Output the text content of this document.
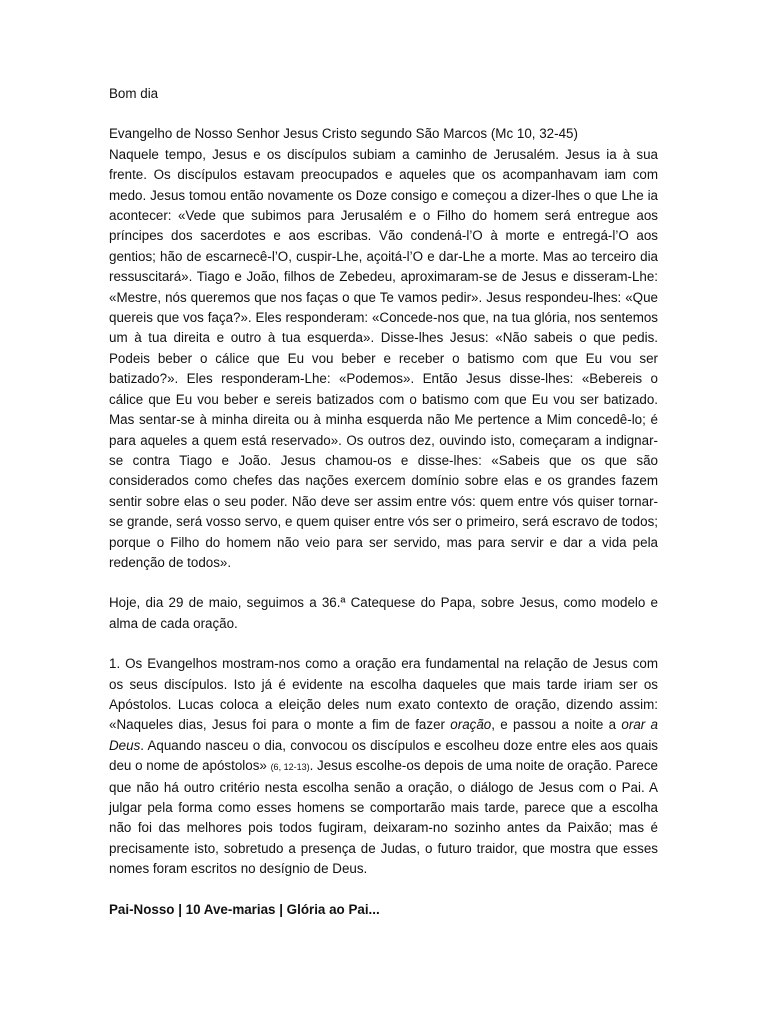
Bom dia

Evangelho de Nosso Senhor Jesus Cristo segundo São Marcos (Mc 10, 32-45)

Naquele tempo, Jesus e os discípulos subiam a caminho de Jerusalém. Jesus ia à sua frente. Os discípulos estavam preocupados e aqueles que os acompanhavam iam com medo. Jesus tomou então novamente os Doze consigo e começou a dizer-lhes o que Lhe ia acontecer: «Vede que subimos para Jerusalém e o Filho do homem será entregue aos príncipes dos sacerdotes e aos escribas. Vão condená-l’O à morte e entregá-l’O aos gentios; hão de escarnecê-l’O, cuspir-Lhe, açoitá-l’O e dar-Lhe a morte. Mas ao terceiro dia ressuscitará». Tiago e João, filhos de Zebedeu, aproximaram-se de Jesus e disseram-Lhe: «Mestre, nós queremos que nos faças o que Te vamos pedir». Jesus respondeu-lhes: «Que quereis que vos faça?». Eles responderam: «Concede-nos que, na tua glória, nos sentemos um à tua direita e outro à tua esquerda». Disse-lhes Jesus: «Não sabeis o que pedis. Podeis beber o cálice que Eu vou beber e receber o batismo com que Eu vou ser batizado?». Eles responderam-Lhe: «Podemos». Então Jesus disse-lhes: «Bebereis o cálice que Eu vou beber e sereis batizados com o batismo com que Eu vou ser batizado. Mas sentar-se à minha direita ou à minha esquerda não Me pertence a Mim concedê-lo; é para aqueles a quem está reservado». Os outros dez, ouvindo isto, começaram a indignar-se contra Tiago e João. Jesus chamou-os e disse-lhes: «Sabeis que os que são considerados como chefes das nações exercem domínio sobre elas e os grandes fazem sentir sobre elas o seu poder. Não deve ser assim entre vós: quem entre vós quiser tornar-se grande, será vosso servo, e quem quiser entre vós ser o primeiro, será escravo de todos; porque o Filho do homem não veio para ser servido, mas para servir e dar a vida pela redenção de todos».

Hoje, dia 29 de maio, seguimos a 36.ª Catequese do Papa, sobre Jesus, como modelo e alma de cada oração.

1. Os Evangelhos mostram-nos como a oração era fundamental na relação de Jesus com os seus discípulos. Isto já é evidente na escolha daqueles que mais tarde iriam ser os Apóstolos. Lucas coloca a eleição deles num exato contexto de oração, dizendo assim: «Naqueles dias, Jesus foi para o monte a fim de fazer oração, e passou a noite a orar a Deus. Aquando nasceu o dia, convocou os discípulos e escolheu doze entre eles aos quais deu o nome de apóstolos» (6, 12-13). Jesus escolhe-os depois de uma noite de oração. Parece que não há outro critério nesta escolha senão a oração, o diálogo de Jesus com o Pai. A julgar pela forma como esses homens se comportarão mais tarde, parece que a escolha não foi das melhores pois todos fugiram, deixaram-no sozinho antes da Paixão; mas é precisamente isto, sobretudo a presença de Judas, o futuro traidor, que mostra que esses nomes foram escritos no desígnio de Deus.

Pai-Nosso | 10 Ave-marias | Glória ao Pai...
